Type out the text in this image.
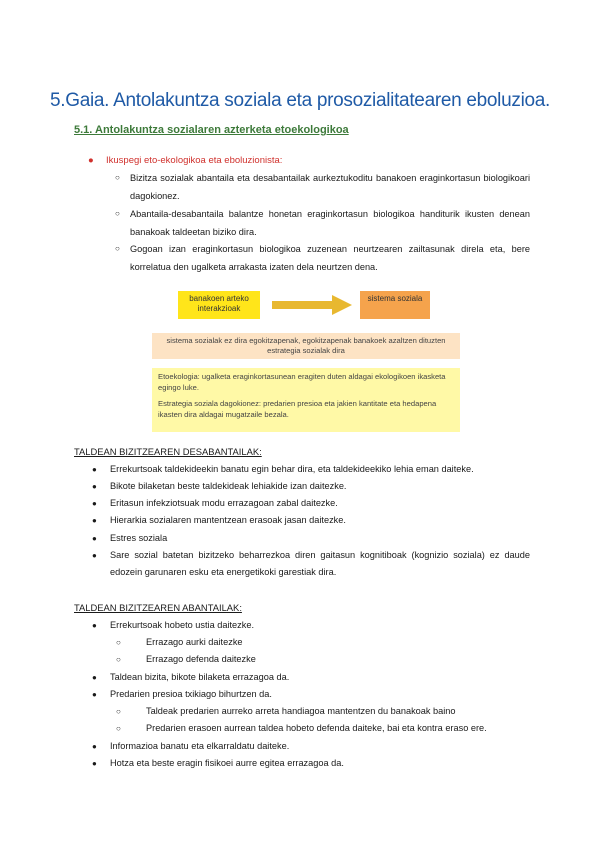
5.Gaia. Antolakuntza soziala eta prosozialitatearen eboluzioa.
5.1. Antolakuntza sozialaren azterketa etoekologikoa
● Ikuspegi eto-ekologikoa eta eboluzionista:
○ Bizitza sozialak abantaila eta desabantailak aurkeztukoditu banakoen eraginkortasun biologikoari dagokionez.
○ Abantaila-desabantaila balantze honetan eraginkortasun biologikoa handiturik ikusten denean banakoak taldeetan biziko dira.
○ Gogoan izan eraginkortasun biologikoa zuzenean neurtzearen zailtasunak direla eta, bere korrelatua den ugalketa arrakasta izaten dela neurtzen dena.
banakoen arteko interakzioak
sistema soziala
sistema sozialak ez dira egokitzapenak, egokitzapenak banakoek azaltzen dituzten estrategia sozialak dira

Etoekologia: ugalketa eraginkortasunean eragiten duten aldagai ekologikoen ikasketa egingo luke.

Estrategia soziala dagokionez: predarien presioa eta jakien kantitate eta hedapena ikasten dira aldagai mugatzaile bezala.

TALDEAN BIZITZEAREN DESABANTAILAK:
● Errekurtsoak taldekideekin banatu egin behar dira, eta taldekideekiko lehia eman daiteke.
● Bikote bilaketan beste taldekideak lehiakide izan daitezke.
● Eritasun infekziotsuak modu errazagoan zabal daitezke.
● Hierarkia sozialaren mantentzean erasoak jasan daitezke.
● Estres soziala
● Sare sozial batetan bizitzeko beharrezkoa diren gaitasun kognitiboak (kognizio soziala) ez daude edozein garunaren esku eta energetikoki garestiak dira.
TALDEAN BIZITZEAREN ABANTAILAK:
● Errekurtsoak hobeto ustia daitezke.
○	Errazago aurki daitezke
○	Errazago defenda daitezke
● Taldean bizita, bikote bilaketa errazagoa da.
● Predarien presioa txikiago bihurtzen da.
○	Taldeak predarien aurreko arreta handiagoa mantentzen du banakoak baino
○	Predarien erasoen aurrean taldea hobeto defenda daiteke, bai eta kontra eraso ere.
● Informazioa banatu eta elkarraldatu daiteke.
● Hotza eta beste eragin fisikoei aurre egitea errazagoa da.
